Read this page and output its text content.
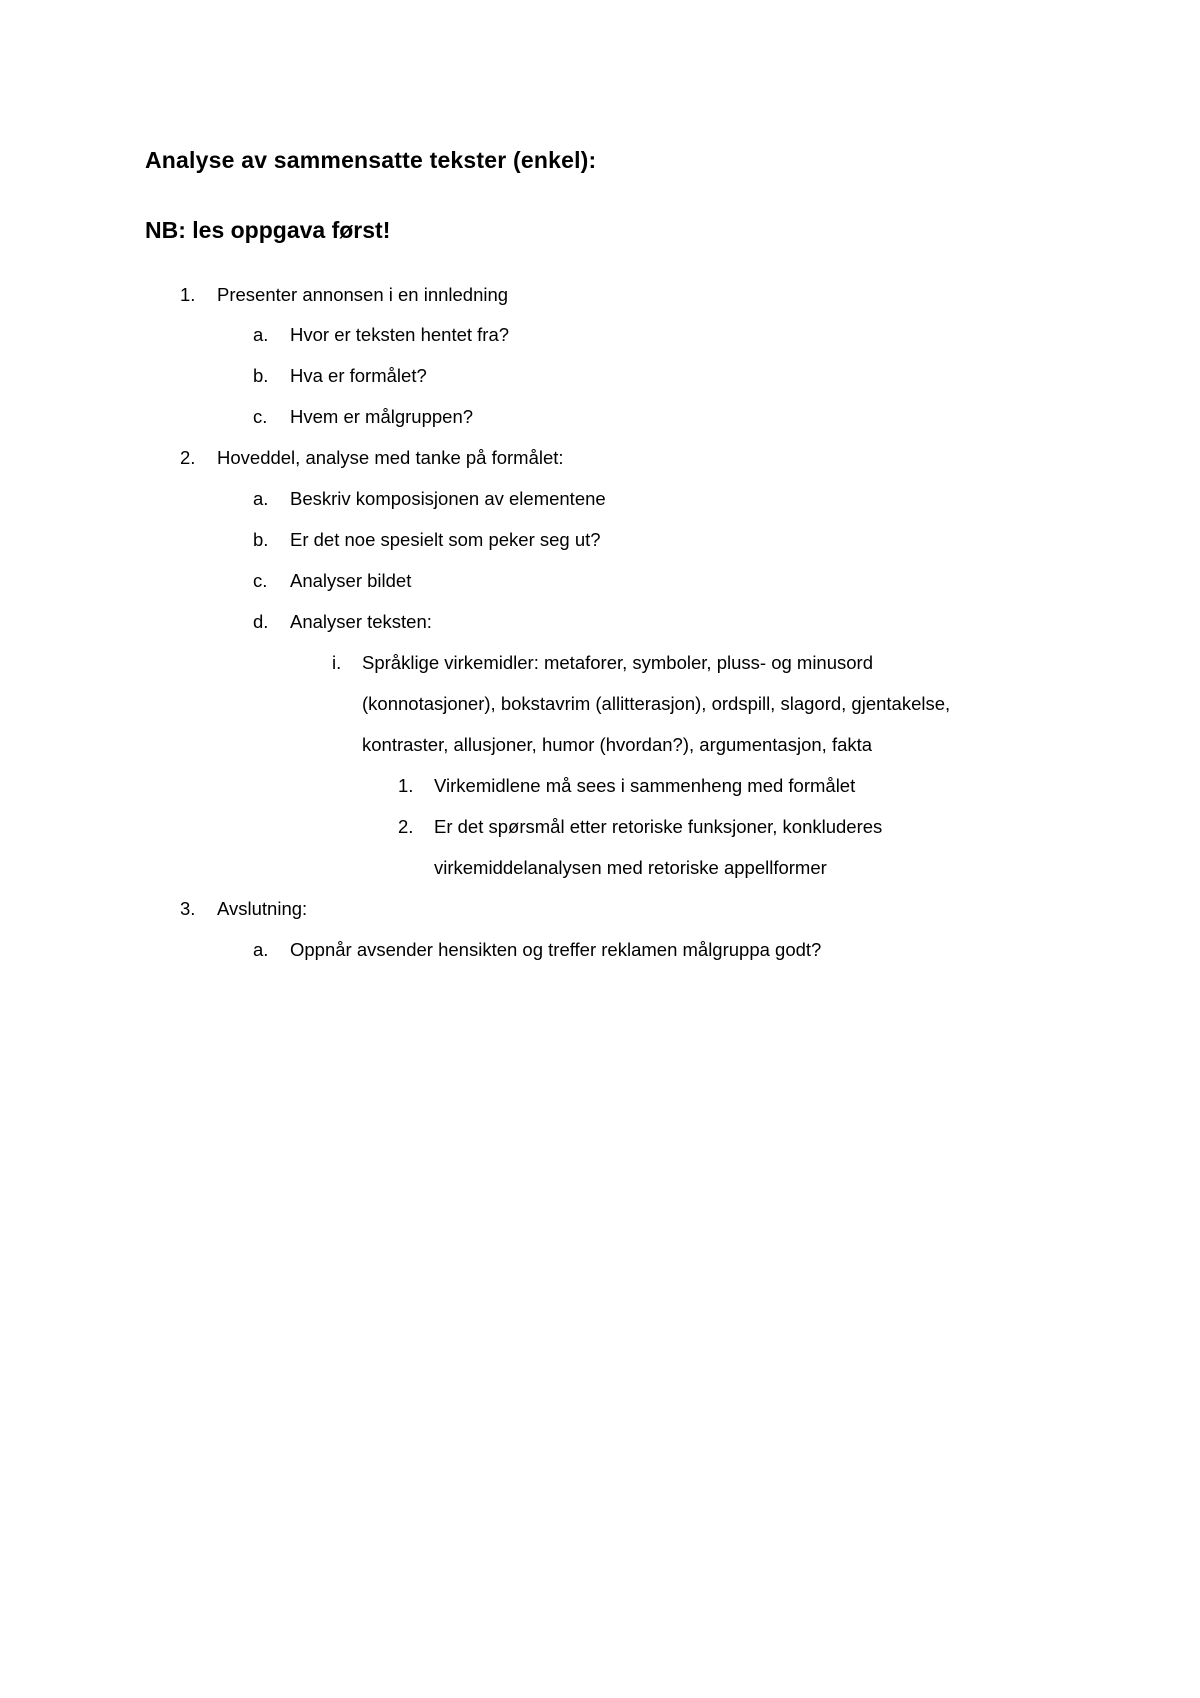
Analyse av sammensatte tekster (enkel):
NB: les oppgava først!
1. Presenter annonsen i en innledning
a. Hvor er teksten hentet fra?
b. Hva er formålet?
c. Hvem er målgruppen?
2. Hoveddel, analyse med tanke på formålet:
a. Beskriv komposisjonen av elementene
b. Er det noe spesielt som peker seg ut?
c. Analyser bildet
d. Analyser teksten:
i. Språklige virkemidler: metaforer, symboler, pluss- og minusord
(konnotasjoner), bokstavrim (allitterasjon), ordspill, slagord, gjentakelse,
kontraster, allusjoner, humor (hvordan?), argumentasjon, fakta
1. Virkemidlene må sees i sammenheng med formålet
2. Er det spørsmål etter retoriske funksjoner, konkluderes
virkemiddelanalysen med retoriske appellformer
3. Avslutning:
a. Oppnår avsender hensikten og treffer reklamen målgruppa godt?
